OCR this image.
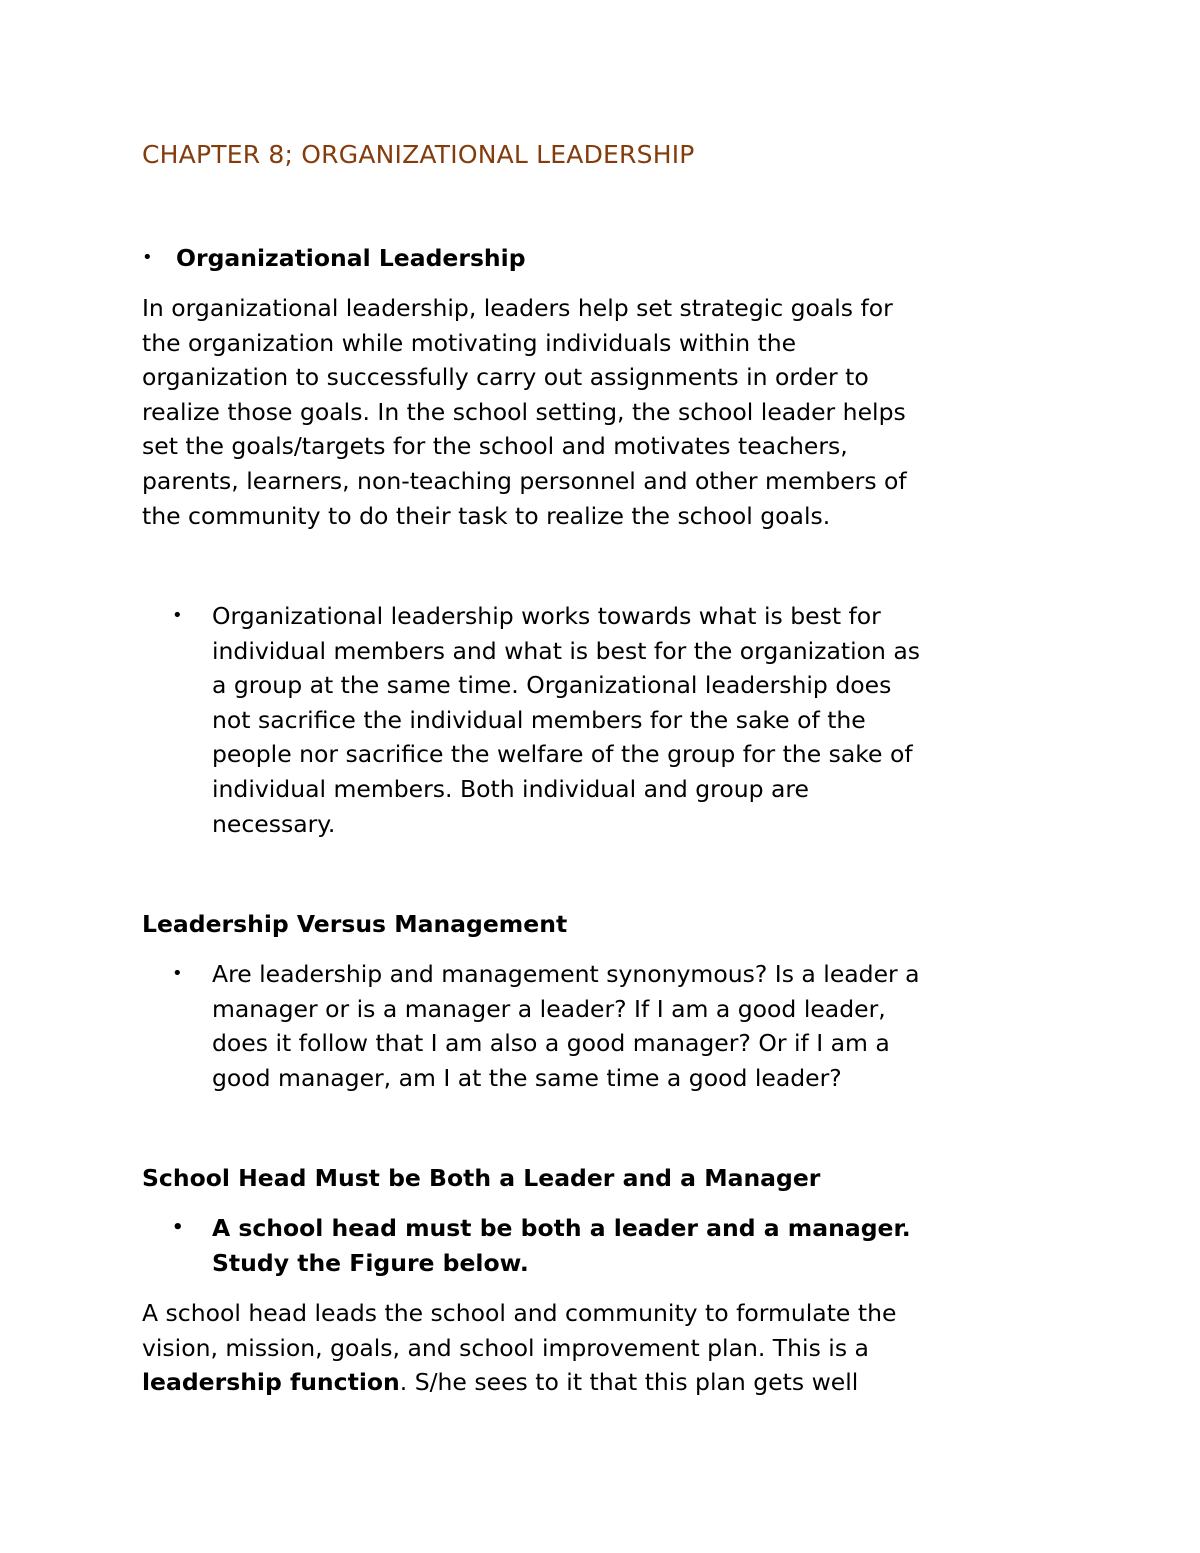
CHAPTER 8; ORGANIZATIONAL LEADERSHIP
• Organizational Leadership
In organizational leadership, leaders help set strategic goals for
the organization while motivating individuals within the
organization to successfully carry out assignments in order to
realize those goals. In the school setting, the school leader helps
set the goals/targets for the school and motivates teachers,
parents, learners, non-teaching personnel and other members of
the community to do their task to realize the school goals.
•	Organizational leadership works towards what is best for
individual members and what is best for the organization as
a group at the same time. Organizational leadership does
not sacrifice the individual members for the sake of the
people nor sacrifice the welfare of the group for the sake of
individual members. Both individual and group are
necessary.
Leadership Versus Management
•	Are leadership and management synonymous? Is a leader a
manager or is a manager a leader? If I am a good leader,
does it follow that I am also a good manager? Or if I am a
good manager, am I at the same time a good leader?
School Head Must be Both a Leader and a Manager
•	A school head must be both a leader and a manager.
Study the Figure below.
A school head leads the school and community to formulate the
vision, mission, goals, and school improvement plan. This is a
leadership function. S/he sees to it that this plan gets well
